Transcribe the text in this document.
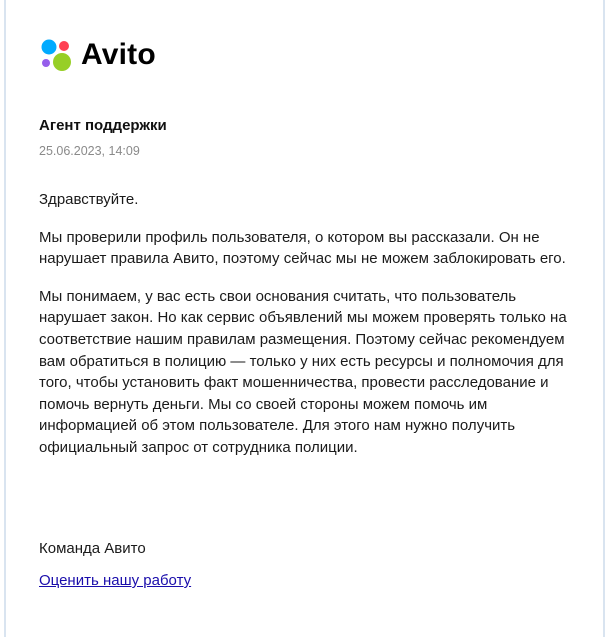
Avito
Агент поддержки
25.06.2023, 14:09

Здравствуйте.

Мы проверили профиль пользователя, о котором вы рассказали. Он не нарушает правила Авито, поэтому сейчас мы не можем заблокировать его.

Мы понимаем, у вас есть свои основания считать, что пользователь нарушает закон. Но как сервис объявлений мы можем проверять только на соответствие нашим правилам размещения. Поэтому сейчас рекомендуем вам обратиться в полицию — только у них есть ресурсы и полномочия для того, чтобы установить факт мошенничества, провести расследование и помочь вернуть деньги. Мы со своей стороны можем помочь им информацией об этом пользователе. Для этого нам нужно получить официальный запрос от сотрудника полиции.

Команда Авито
Оценить нашу работу
